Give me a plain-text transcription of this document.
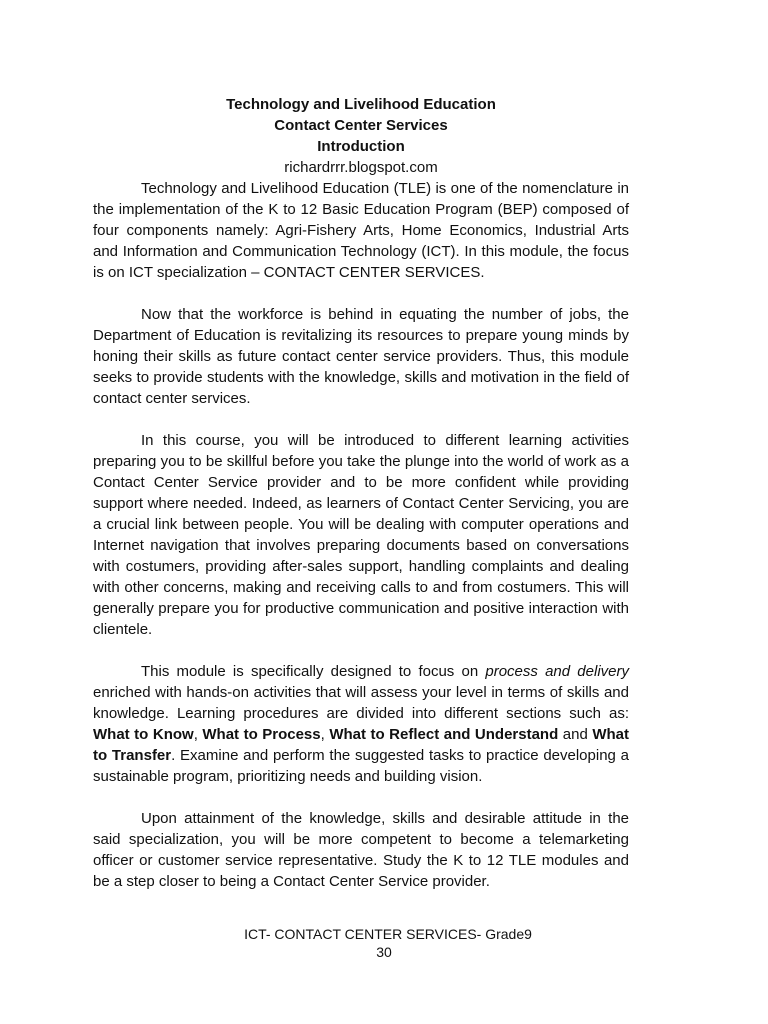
Technology and Livelihood Education
Contact Center Services
Introduction
richardrrr.blogspot.com

Technology and Livelihood Education (TLE) is one of the nomenclature in the implementation of the K to 12 Basic Education Program (BEP) composed of four components namely: Agri-Fishery Arts, Home Economics, Industrial Arts and Information and Communication Technology (ICT). In this module, the focus is on ICT specialization – CONTACT CENTER SERVICES.

Now that the workforce is behind in equating the number of jobs, the Department of Education is revitalizing its resources to prepare young minds by honing their skills as future contact center service providers. Thus, this module seeks to provide students with the knowledge, skills and motivation in the field of contact center services.

In this course, you will be introduced to different learning activities preparing you to be skillful before you take the plunge into the world of work as a Contact Center Service provider and to be more confident while providing support where needed. Indeed, as learners of Contact Center Servicing, you are a crucial link between people. You will be dealing with computer operations and Internet navigation that involves preparing documents based on conversations with costumers, providing after-sales support, handling complaints and dealing with other concerns, making and receiving calls to and from costumers. This will generally prepare you for productive communication and positive interaction with clientele.

This module is specifically designed to focus on process and delivery enriched with hands-on activities that will assess your level in terms of skills and knowledge. Learning procedures are divided into different sections such as: What to Know, What to Process, What to Reflect and Understand and What to Transfer. Examine and perform the suggested tasks to practice developing a sustainable program, prioritizing needs and building vision.

Upon attainment of the knowledge, skills and desirable attitude in the said specialization, you will be more competent to become a telemarketing officer or customer service representative. Study the K to 12 TLE modules and be a step closer to being a Contact Center Service provider.

ICT- CONTACT CENTER SERVICES- Grade9
30
